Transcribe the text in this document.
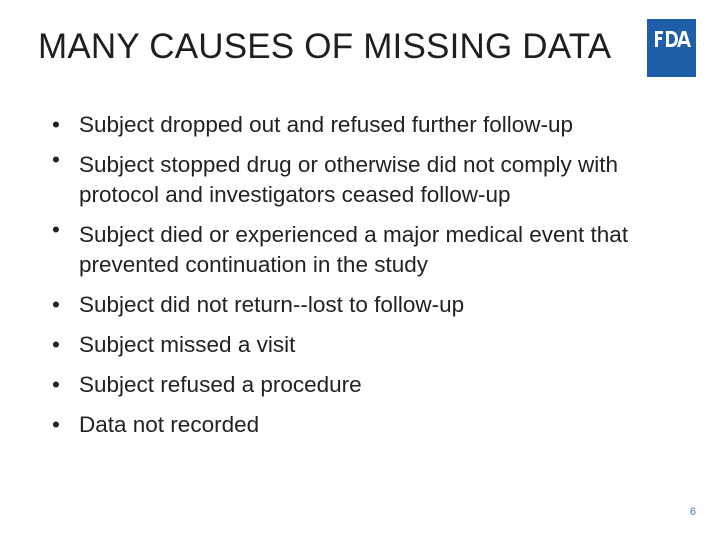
MANY CAUSES OF MISSING DATA
• Subject dropped out and refused further follow-up
• Subject stopped drug or otherwise did not comply with protocol and investigators ceased follow-up
• Subject died or experienced a major medical event that prevented continuation in the study
• Subject did not return--lost to follow-up
• Subject missed a visit
• Subject refused a procedure
• Data not recorded
6
